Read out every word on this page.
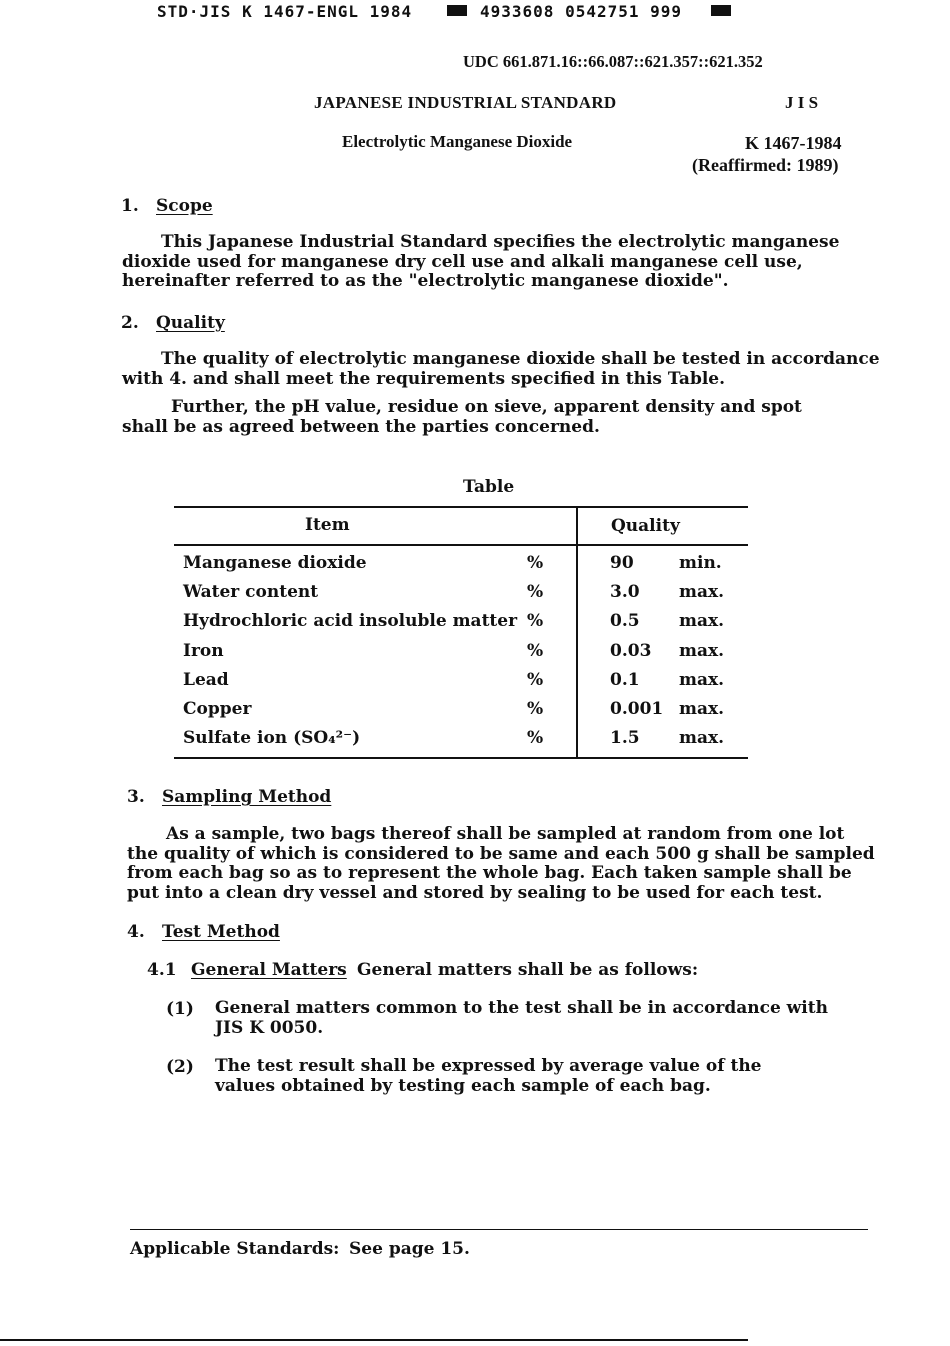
STD·JIS K 1467-ENGL 1984	4933608 0542751 999
UDC 661.871.16::66.087::621.357::621.352
JAPANESE INDUSTRIAL STANDARD	J I S
Electrolytic Manganese Dioxide	K 1467-1984
(Reaffirmed: 1989)
1. Scope
This Japanese Industrial Standard specifies the electrolytic manganese
dioxide used for manganese dry cell use and alkali manganese cell use,
hereinafter referred to as the "electrolytic manganese dioxide".
2. Quality
The quality of electrolytic manganese dioxide shall be tested in accordance
with 4. and shall meet the requirements specified in this Table.
Further, the pH value, residue on sieve, apparent density and spot
shall be as agreed between the parties concerned.
Table
Item	Quality
Manganese dioxide	%	90	min.
Water content	%	3.0 max.
Hydrochloric acid insoluble matter %	0.5 max.
Iron	%	0.03 max.
Lead	%	0.1 max.
Copper	%	0.001 max.
Sulfate ion (SO₄²⁻)	%	1.5 max.
3. Sampling Method
As a sample, two bags thereof shall be sampled at random from one lot
the quality of which is considered to be same and each 500 g shall be sampled
from each bag so as to represent the whole bag. Each taken sample shall be
put into a clean dry vessel and stored by sealing to be used for each test.
4. Test Method
4.1 General Matters General matters shall be as follows:
(1) General matters common to the test shall be in accordance with
JIS K 0050.
(2) The test result shall be expressed by average value of the
values obtained by testing each sample of each bag.
Applicable Standards: See page 15.
